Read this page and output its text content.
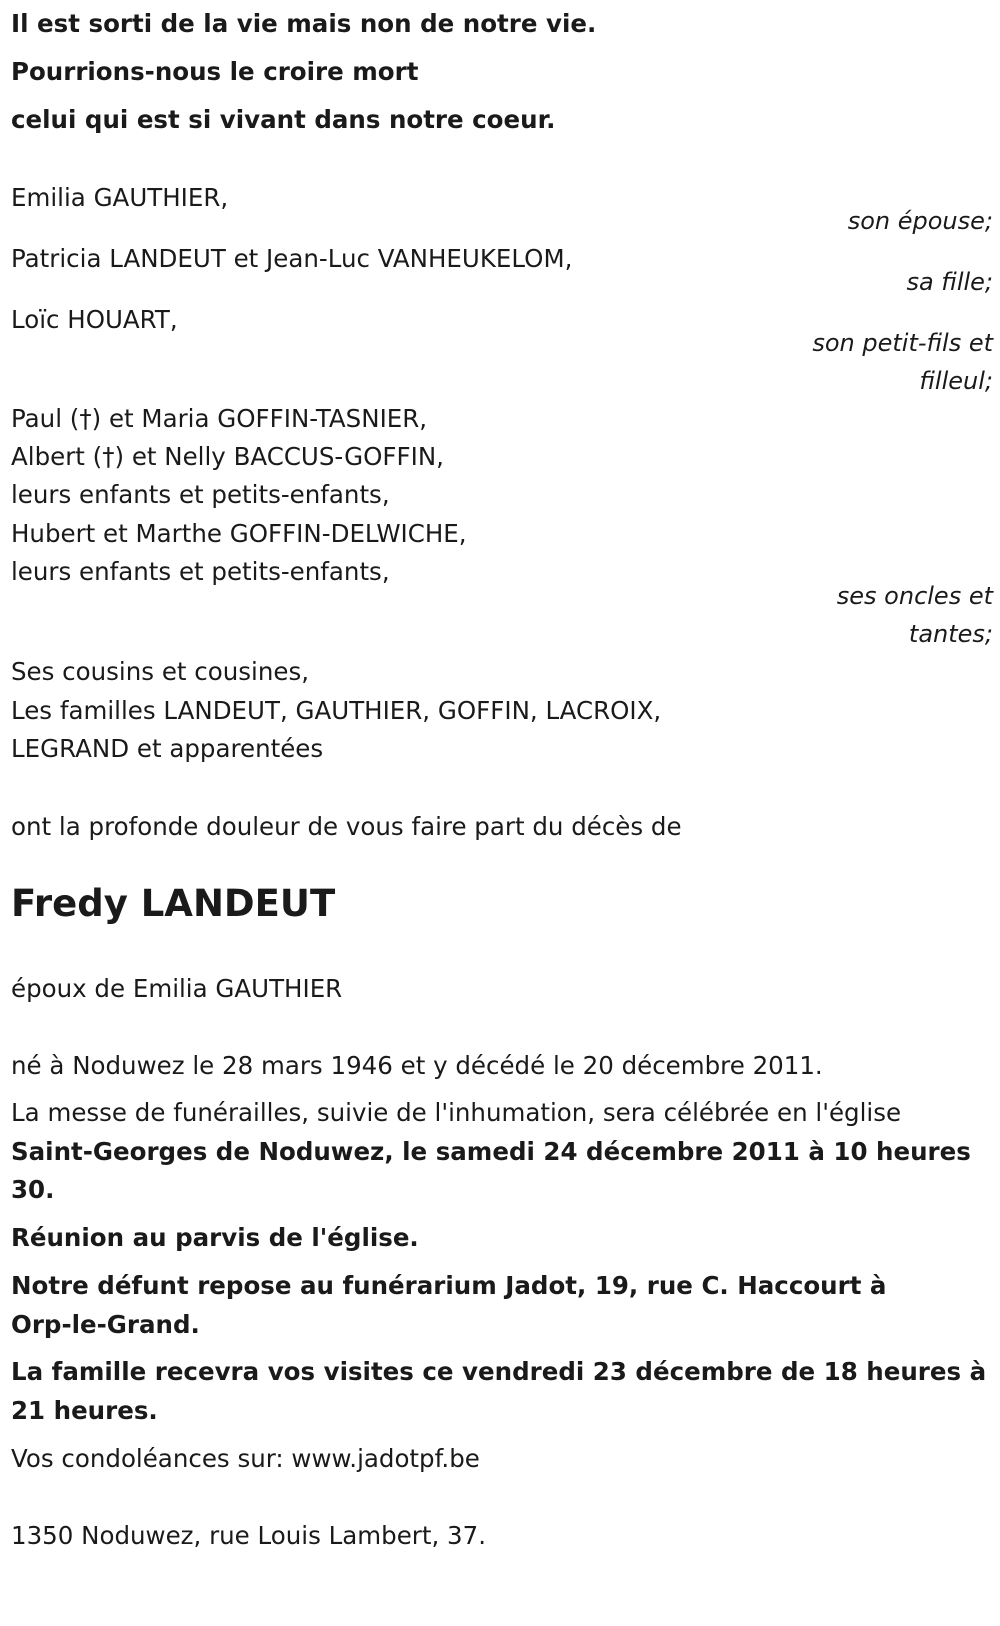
Il est sorti de la vie mais non de notre vie.

Pourrions-nous le croire mort

celui qui est si vivant dans notre coeur.

Emilia GAUTHIER,

son épouse;

Patricia LANDEUT et Jean-Luc VANHEUKELOM,

sa fille;

Loïc HOUART,

son petit-fils et
filleul;

Paul (†) et Maria GOFFIN-TASNIER,

Albert (†) et Nelly BACCUS-GOFFIN,

leurs enfants et petits-enfants,

Hubert et Marthe GOFFIN-DELWICHE,

leurs enfants et petits-enfants,

ses oncles et
tantes;

Ses cousins et cousines,

Les familles LANDEUT, GAUTHIER, GOFFIN, LACROIX,

LEGRAND et apparentées

ont la profonde douleur de vous faire part du décès de

Fredy LANDEUT

époux de Emilia GAUTHIER

né à Noduwez le 28 mars 1946 et y décédé le 20 décembre 2011.

La messe de funérailles, suivie de l'inhumation, sera célébrée en l'église

Saint-Georges de Noduwez, le samedi 24 décembre 2011 à 10 heures

30.

Réunion au parvis de l'église.

Notre défunt repose au funérarium Jadot, 19, rue C. Haccourt à

Orp-le-Grand.

La famille recevra vos visites ce vendredi 23 décembre de 18 heures à

21 heures.

Vos condoléances sur: www.jadotpf.be

1350 Noduwez, rue Louis Lambert, 37.
